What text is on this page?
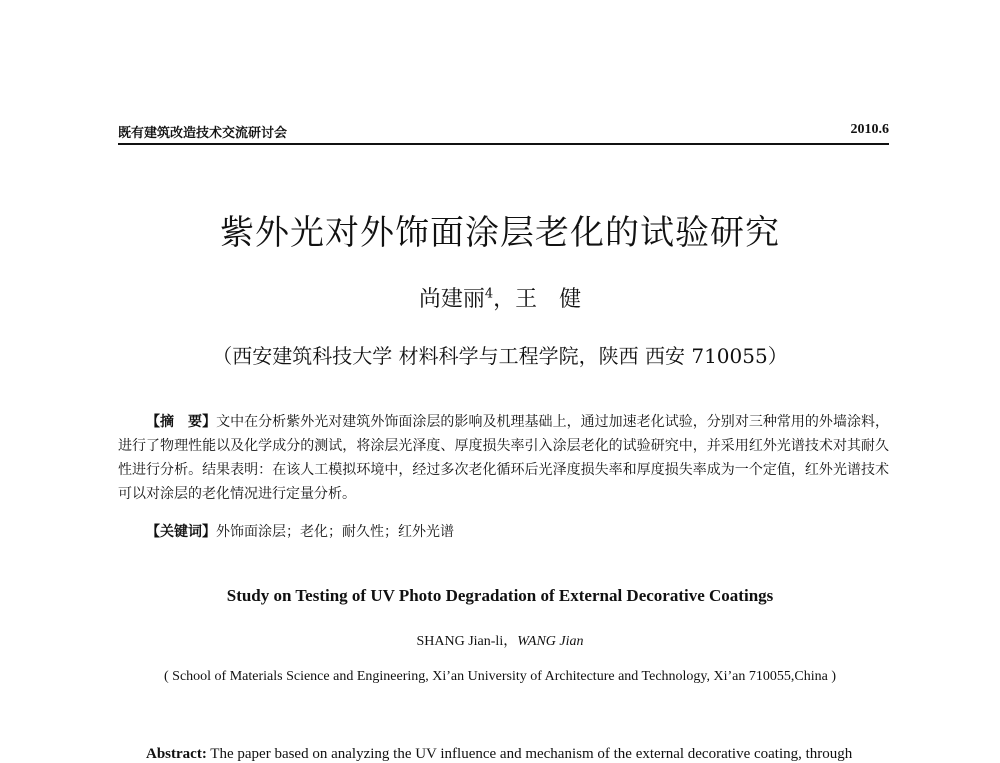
既有建筑改造技术交流研讨会	2010.6
紫外光对外饰面涂层老化的试验研究
尚建丽$^4$，王　健
（西安建筑科技大学 材料科学与工程学院，陕西 西安 710055）

【摘　要】文中在分析紫外光对建筑外饰面涂层的影响及机理基础上，通过加速老化试验，分别对三种常用的外墙涂料，进行了物理性能以及化学成分的测试，将涂层光泽度、厚度损失率引入涂层老化的试验研究中，并采用红外光谱技术对其耐久性进行分析。结果表明：在该人工模拟环境中，经过多次老化循环后光泽度损失率和厚度损失率成为一个定值，红外光谱技术可以对涂层的老化情况进行定量分析。

【关键词】外饰面涂层；老化；耐久性；红外光谱
Study on Testing of UV Photo Degradation of External Decorative Coatings
SHANG Jian-li，WANG Jian
( School of Materials Science and Engineering, Xi’an University of Architecture and Technology, Xi’an 710055,China )
Abstract: The paper based on analyzing the UV influence and mechanism of the external decorative coating, through
